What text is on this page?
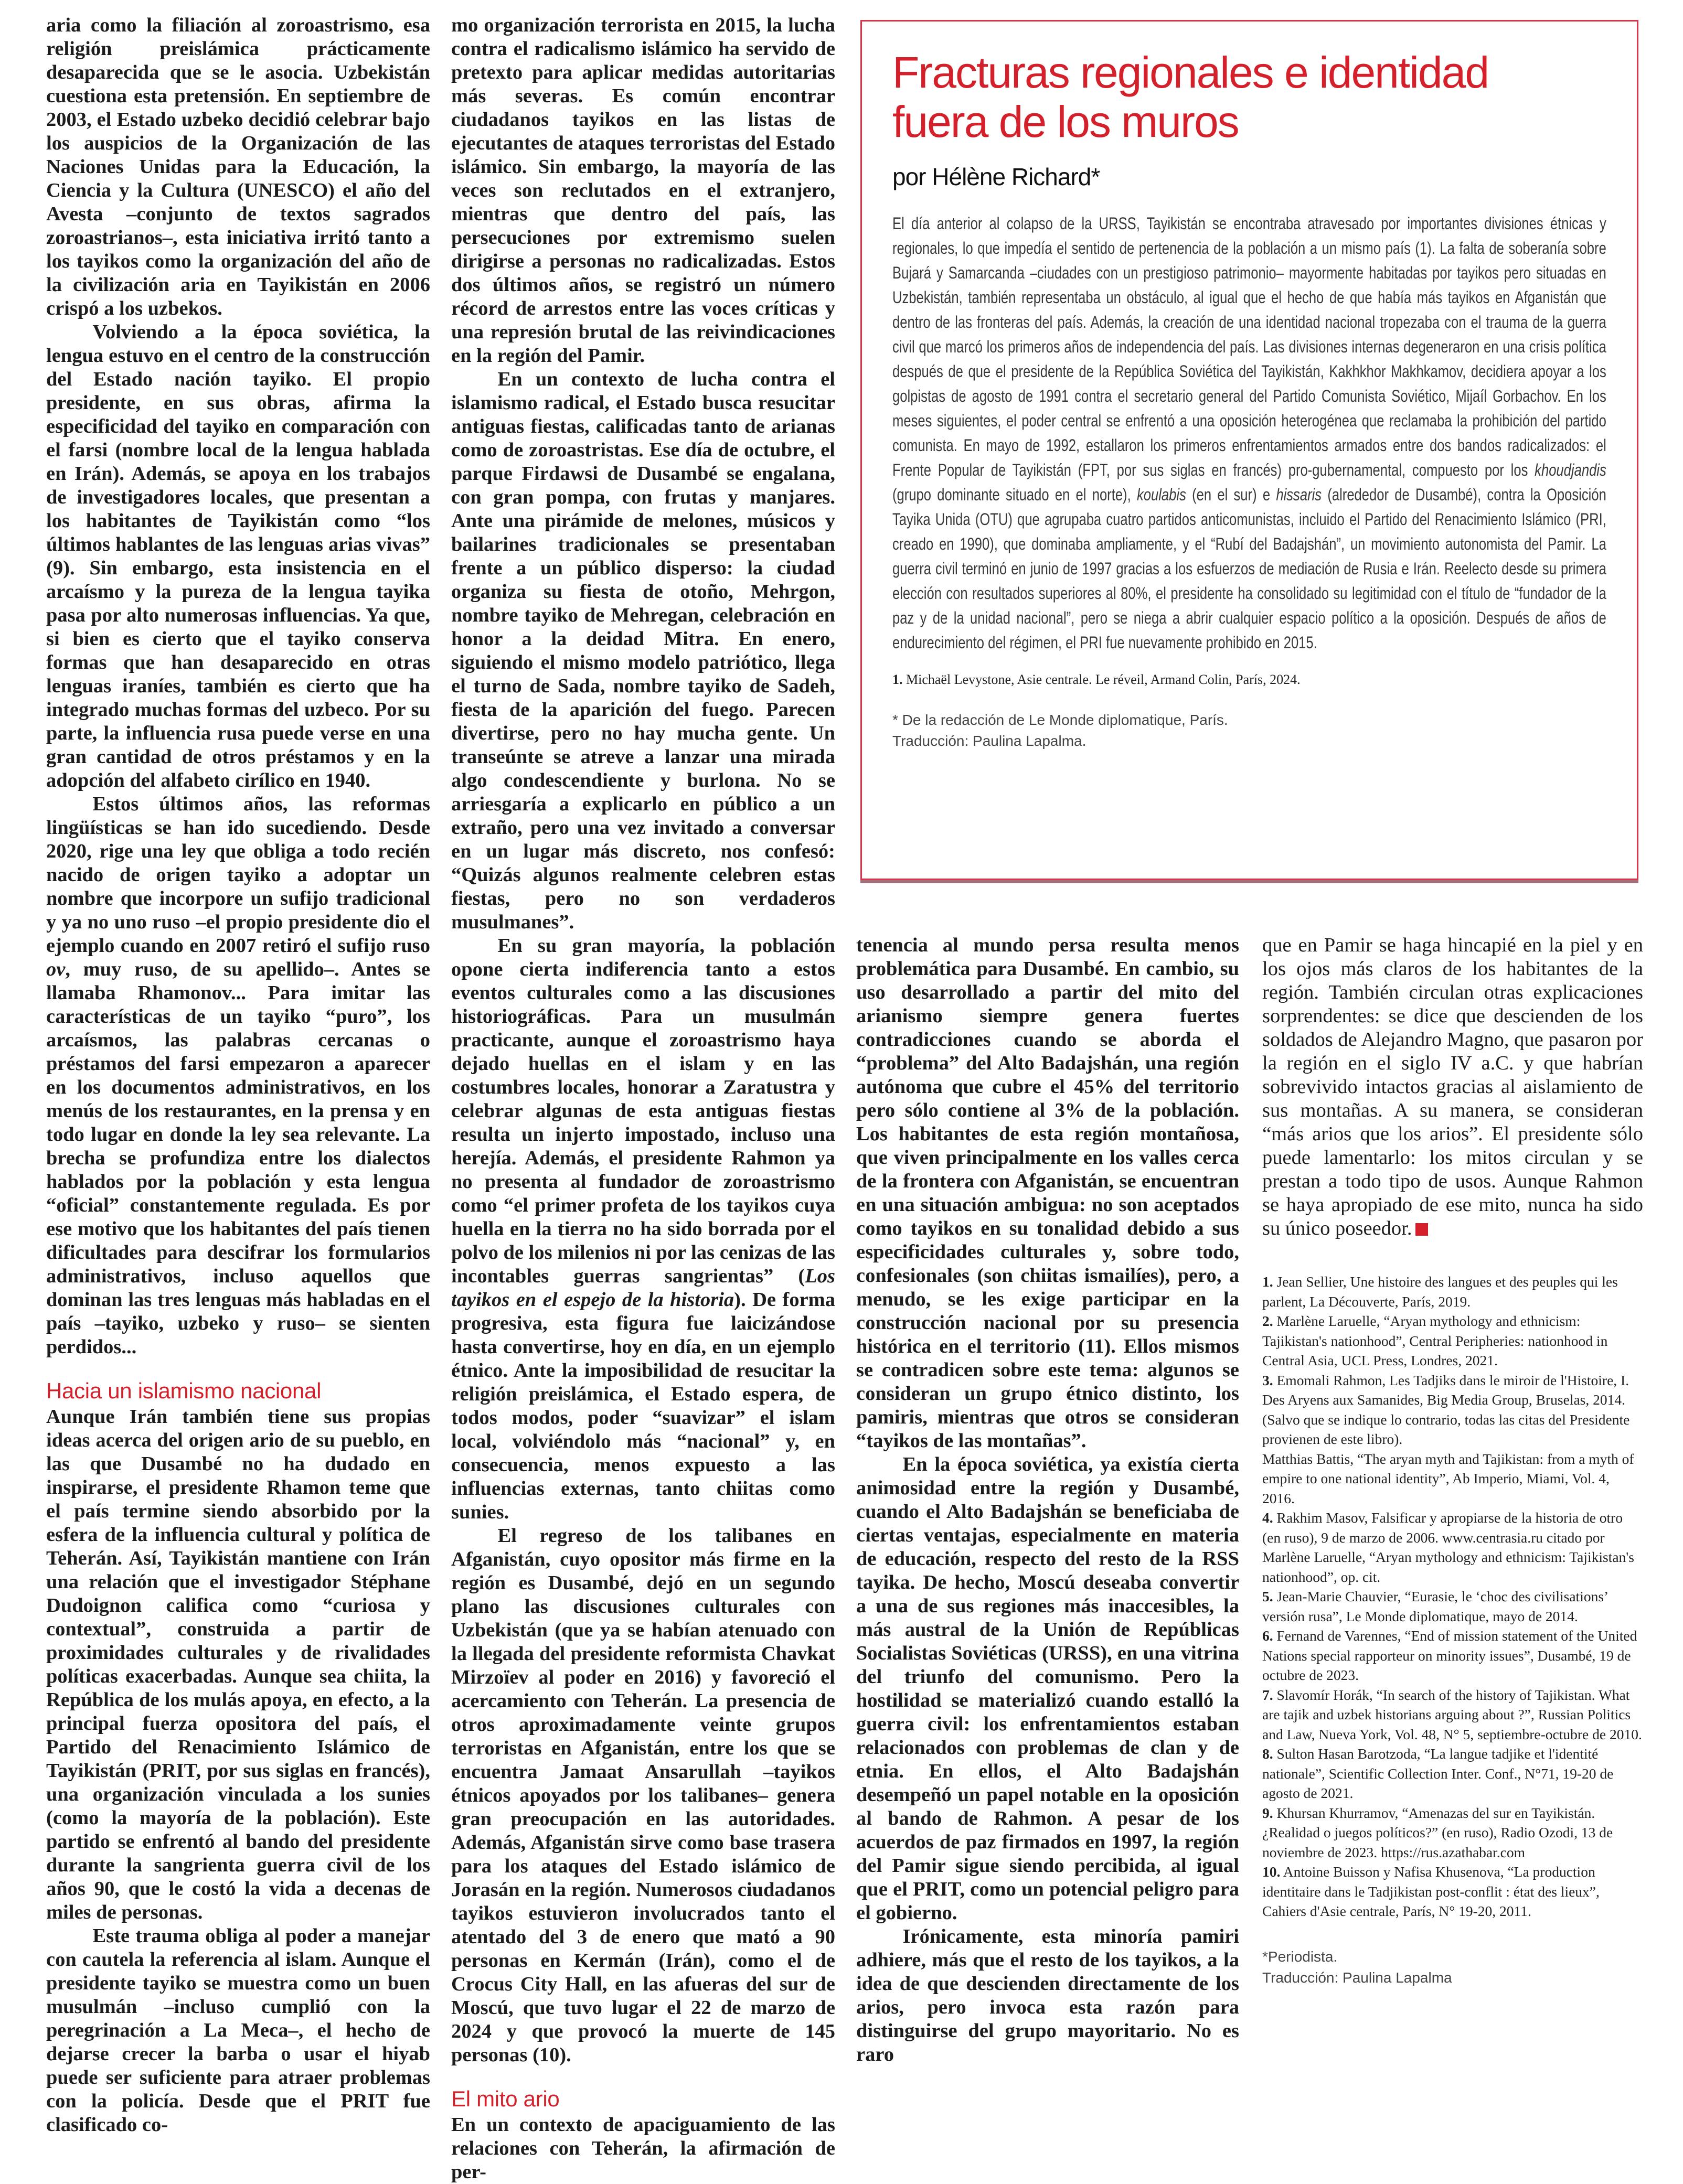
aria como la filiación al zoroastrismo, esa religión preislámica prácticamente desaparecida que se le asocia. Uzbekistán cuestiona esta pretensión. En septiembre de 2003, el Estado uzbeko decidió celebrar bajo los auspicios de la Organización de las Naciones Unidas para la Educación, la Ciencia y la Cultura (UNESCO) el año del Avesta –conjunto de textos sagrados zoroastrianos–, esta iniciativa irritó tanto a los tayikos como la organización del año de la civilización aria en Tayikistán en 2006 crispó a los uzbekos.

Volviendo a la época soviética, la lengua estuvo en el centro de la construcción del Estado nación tayiko. El propio presidente, en sus obras, afirma la especificidad del tayiko en comparación con el farsi (nombre local de la lengua hablada en Irán). Además, se apoya en los trabajos de investigadores locales, que presentan a los habitantes de Tayikistán como “los últimos hablantes de las lenguas arias vivas” (9). Sin embargo, esta insistencia en el arcaísmo y la pureza de la lengua tayika pasa por alto numerosas influencias. Ya que, si bien es cierto que el tayiko conserva formas que han desaparecido en otras lenguas iraníes, también es cierto que ha integrado muchas formas del uzbeco. Por su parte, la influencia rusa puede verse en una gran cantidad de otros préstamos y en la adopción del alfabeto cirílico en 1940.

Estos últimos años, las reformas lingüísticas se han ido sucediendo. Desde 2020, rige una ley que obliga a todo recién nacido de origen tayiko a adoptar un nombre que incorpore un sufijo tradicional y ya no uno ruso –el propio presidente dio el ejemplo cuando en 2007 retiró el sufijo ruso ov, muy ruso, de su apellido–. Antes se llamaba Rhamonov... Para imitar las características de un tayiko “puro”, los arcaísmos, las palabras cercanas o préstamos del farsi empezaron a aparecer en los documentos administrativos, en los menús de los restaurantes, en la prensa y en todo lugar en donde la ley sea relevante. La brecha se profundiza entre los dialectos hablados por la población y esta lengua “oficial” constantemente regulada. Es por ese motivo que los habitantes del país tienen dificultades para descifrar los formularios administrativos, incluso aquellos que dominan las tres lenguas más habladas en el país –tayiko, uzbeko y ruso– se sienten perdidos...

Hacia un islamismo nacional

Aunque Irán también tiene sus propias ideas acerca del origen ario de su pueblo, en las que Dusambé no ha dudado en inspirarse, el presidente Rhamon teme que el país termine siendo absorbido por la esfera de la influencia cultural y política de Teherán. Así, Tayikistán mantiene con Irán una relación que el investigador Stéphane Dudoignon califica como “curiosa y contextual”, construida a partir de proximidades culturales y de rivalidades políticas exacerbadas. Aunque sea chiita, la República de los mulás apoya, en efecto, a la principal fuerza opositora del país, el Partido del Renacimiento Islámico de Tayikistán (PRIT, por sus siglas en francés), una organización vinculada a los sunies (como la mayoría de la población). Este partido se enfrentó al bando del presidente durante la sangrienta guerra civil de los años 90, que le costó la vida a decenas de miles de personas.

Este trauma obliga al poder a manejar con cautela la referencia al islam. Aunque el presidente tayiko se muestra como un buen musulmán –incluso cumplió con la peregrinación a La Meca–, el hecho de dejarse crecer la barba o usar el hiyab puede ser suficiente para atraer problemas con la policía. Desde que el PRIT fue clasificado co-

mo organización terrorista en 2015, la lucha contra el radicalismo islámico ha servido de pretexto para aplicar medidas autoritarias más severas. Es común encontrar ciudadanos tayikos en las listas de ejecutantes de ataques terroristas del Estado islámico. Sin embargo, la mayoría de las veces son reclutados en el extranjero, mientras que dentro del país, las persecuciones por extremismo suelen dirigirse a personas no radicalizadas. Estos dos últimos años, se registró un número récord de arrestos entre las voces críticas y una represión brutal de las reivindicaciones en la región del Pamir.

En un contexto de lucha contra el islamismo radical, el Estado busca resucitar antiguas fiestas, calificadas tanto de arianas como de zoroastristas. Ese día de octubre, el parque Firdawsi de Dusambé se engalana, con gran pompa, con frutas y manjares. Ante una pirámide de melones, músicos y bailarines tradicionales se presentaban frente a un público disperso: la ciudad organiza su fiesta de otoño, Mehrgon, nombre tayiko de Mehregan, celebración en honor a la deidad Mitra. En enero, siguiendo el mismo modelo patriótico, llega el turno de Sada, nombre tayiko de Sadeh, fiesta de la aparición del fuego. Parecen divertirse, pero no hay mucha gente. Un transeúnte se atreve a lanzar una mirada algo condescendiente y burlona. No se arriesgaría a explicarlo en público a un extraño, pero una vez invitado a conversar en un lugar más discreto, nos confesó: “Quizás algunos realmente celebren estas fiestas, pero no son verdaderos musulmanes”.

En su gran mayoría, la población opone cierta indiferencia tanto a estos eventos culturales como a las discusiones historiográficas. Para un musulmán practicante, aunque el zoroastrismo haya dejado huellas en el islam y en las costumbres locales, honorar a Zaratustra y celebrar algunas de esta antiguas fiestas resulta un injerto impostado, incluso una herejía. Además, el presidente Rahmon ya no presenta al fundador de zoroastrismo como “el primer profeta de los tayikos cuya huella en la tierra no ha sido borrada por el polvo de los milenios ni por las cenizas de las incontables guerras sangrientas” (Los tayikos en el espejo de la historia). De forma progresiva, esta figura fue laicizándose hasta convertirse, hoy en día, en un ejemplo étnico. Ante la imposibilidad de resucitar la religión preislámica, el Estado espera, de todos modos, poder “suavizar” el islam local, volviéndolo más “nacional” y, en consecuencia, menos expuesto a las influencias externas, tanto chiitas como sunies.

El regreso de los talibanes en Afganistán, cuyo opositor más firme en la región es Dusambé, dejó en un segundo plano las discusiones culturales con Uzbekistán (que ya se habían atenuado con la llegada del presidente reformista Chavkat Mirzoïev al poder en 2016) y favoreció el acercamiento con Teherán. La presencia de otros aproximadamente veinte grupos terroristas en Afganistán, entre los que se encuentra Jamaat Ansarullah –tayikos étnicos apoyados por los talibanes– genera gran preocupación en las autoridades. Además, Afganistán sirve como base trasera para los ataques del Estado islámico de Jorasán en la región. Numerosos ciudadanos tayikos estuvieron involucrados tanto el atentado del 3 de enero que mató a 90 personas en Kermán (Irán), como el de Crocus City Hall, en las afueras del sur de Moscú, que tuvo lugar el 22 de marzo de 2024 y que provocó la muerte de 145 personas (10).

El mito ario

En un contexto de apaciguamiento de las relaciones con Teherán, la afirmación de per-

Fracturas regionales e identidad
fuera de los muros
por Hélène Richard*

El día anterior al colapso de la URSS, Tayikistán se encontraba atravesado por importantes divisiones étnicas y regionales, lo que impedía el sentido de pertenencia de la población a un mismo país (1). La falta de soberanía sobre Bujará y Samarcanda –ciudades con un prestigioso patrimonio– mayormente habitadas por tayikos pero situadas en Uzbekistán, también representaba un obstáculo, al igual que el hecho de que había más tayikos en Afganistán que dentro de las fronteras del país. Además, la creación de una identidad nacional tropezaba con el trauma de la guerra civil que marcó los primeros años de independencia del país. Las divisiones internas degeneraron en una crisis política después de que el presidente de la República Soviética del Tayikistán, Kakhkhor Makhkamov, decidiera apoyar a los golpistas de agosto de 1991 contra el secretario general del Partido Comunista Soviético, Mijaíl Gorbachov. En los meses siguientes, el poder central se enfrentó a una oposición heterogénea que reclamaba la prohibición del partido comunista. En mayo de 1992, estallaron los primeros enfrentamientos armados entre dos bandos radicalizados: el Frente Popular de Tayikistán (FPT, por sus siglas en francés) pro-gubernamental, compuesto por los khoudjandis (grupo dominante situado en el norte), koulabis (en el sur) e hissaris (alrededor de Dusambé), contra la Oposición Tayika Unida (OTU) que agrupaba cuatro partidos anticomunistas, incluido el Partido del Renacimiento Islámico (PRI, creado en 1990), que dominaba ampliamente, y el “Rubí del Badajshán”, un movimiento autonomista del Pamir. La guerra civil terminó en junio de 1997 gracias a los esfuerzos de mediación de Rusia e Irán. Reelecto desde su primera elección con resultados superiores al 80%, el presidente ha consolidado su legitimidad con el título de “fundador de la paz y de la unidad nacional”, pero se niega a abrir cualquier espacio político a la oposición. Después de años de endurecimiento del régimen, el PRI fue nuevamente prohibido en 2015.

1. Michaël Levystone, Asie centrale. Le réveil, Armand Colin, París, 2024.
* De la redacción de Le Monde diplomatique, París.
Traducción: Paulina Lapalma.

tenencia al mundo persa resulta menos problemática para Dusambé. En cambio, su uso desarrollado a partir del mito del arianismo siempre genera fuertes contradicciones cuando se aborda el “problema” del Alto Badajshán, una región autónoma que cubre el 45% del territorio pero sólo contiene al 3% de la población. Los habitantes de esta región montañosa, que viven principalmente en los valles cerca de la frontera con Afganistán, se encuentran en una situación ambigua: no son aceptados como tayikos en su tonalidad debido a sus especificidades culturales y, sobre todo, confesionales (son chiitas ismailíes), pero, a menudo, se les exige participar en la construcción nacional por su presencia histórica en el territorio (11). Ellos mismos se contradicen sobre este tema: algunos se consideran un grupo étnico distinto, los pamiris, mientras que otros se consideran “tayikos de las montañas”.

En la época soviética, ya existía cierta animosidad entre la región y Dusambé, cuando el Alto Badajshán se beneficiaba de ciertas ventajas, especialmente en materia de educación, respecto del resto de la RSS tayika. De hecho, Moscú deseaba convertir a una de sus regiones más inaccesibles, la más austral de la Unión de Repúblicas Socialistas Soviéticas (URSS), en una vitrina del triunfo del comunismo. Pero la hostilidad se materializó cuando estalló la guerra civil: los enfrentamientos estaban relacionados con problemas de clan y de etnia. En ellos, el Alto Badajshán desempeñó un papel notable en la oposición al bando de Rahmon. A pesar de los acuerdos de paz firmados en 1997, la región del Pamir sigue siendo percibida, al igual que el PRIT, como un potencial peligro para el gobierno.

Irónicamente, esta minoría pamiri adhiere, más que el resto de los tayikos, a la idea de que descienden directamente de los arios, pero invoca esta razón para distinguirse del grupo mayoritario. No es raro

que en Pamir se haga hincapié en la piel y en los ojos más claros de los habitantes de la región. También circulan otras explicaciones sorprendentes: se dice que descienden de los soldados de Alejandro Magno, que pasaron por la región en el siglo IV a.C. y que habrían sobrevivido intactos gracias al aislamiento de sus montañas. A su manera, se consideran “más arios que los arios”. El presidente sólo puede lamentarlo: los mitos circulan y se prestan a todo tipo de usos. Aunque Rahmon se haya apropiado de ese mito, nunca ha sido su único poseedor.

1. Jean Sellier, Une histoire des langues et des peuples qui les parlent, La Découverte, París, 2019.
2. Marlène Laruelle, “Aryan mythology and ethnicism: Tajikistan's nationhood”, Central Peripheries: nationhood in Central Asia, UCL Press, Londres, 2021.
3. Emomali Rahmon, Les Tadjiks dans le miroir de l'Histoire, I. Des Aryens aux Samanides, Big Media Group, Bruselas, 2014. (Salvo que se indique lo contrario, todas las citas del Presidente provienen de este libro).
Matthias Battis, “The aryan myth and Tajikistan: from a myth of empire to one national identity”, Ab Imperio, Miami, Vol. 4, 2016.
4. Rakhim Masov, Falsificar y apropiarse de la historia de otro (en ruso), 9 de marzo de 2006. www.centrasia.ru citado por Marlène Laruelle, “Aryan mythology and ethnicism: Tajikistan's nationhood”, op. cit.
5. Jean-Marie Chauvier, “Eurasie, le ‘choc des civilisations’ versión rusa”, Le Monde diplomatique, mayo de 2014.
6. Fernand de Varennes, “End of mission statement of the United Nations special rapporteur on minority issues”, Dusambé, 19 de octubre de 2023.
7. Slavomír Horák, “In search of the history of Tajikistan. What are tajik and uzbek historians arguing about ?”, Russian Politics and Law, Nueva York, Vol. 48, N° 5, septiembre-octubre de 2010.
8. Sulton Hasan Barotzoda, “La langue tadjike et l'identité nationale”, Scientific Collection Inter. Conf., N°71, 19-20 de agosto de 2021.
9. Khursan Khurramov, “Amenazas del sur en Tayikistán. ¿Realidad o juegos políticos?” (en ruso), Radio Ozodi, 13 de noviembre de 2023. https://rus.azathabar.com
10. Antoine Buisson y Nafisa Khusenova, “La production identitaire dans le Tadjikistan post-conflit : état des lieux”, Cahiers d'Asie centrale, París, N° 19-20, 2011.
*Periodista.
Traducción: Paulina Lapalma
